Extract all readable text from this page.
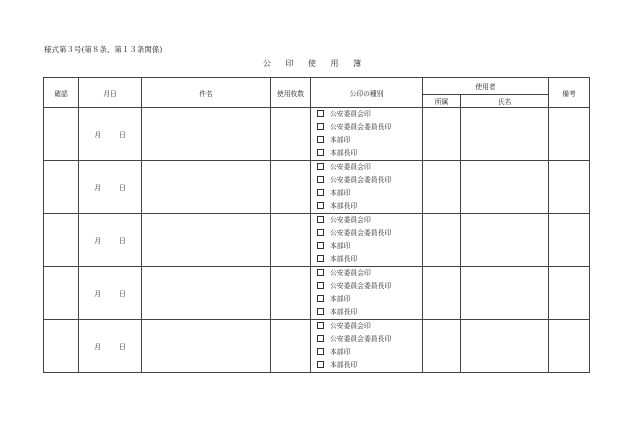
様式第３号(第８条、第１３条関係)
公 印 使 用 簿
確認	月日	件名	使用枚数	公印の種別	使用者		備考
					所属	氏名	
	月 日			公安委員会印
公安委員会委員長印
本部印
本部長印			

	月 日			公安委員会印
公安委員会委員長印
本部印
本部長印			

	月 日			公安委員会印
公安委員会委員長印
本部印
本部長印			

	月 日			公安委員会印
公安委員会委員長印
本部印
本部長印			

	月 日			公安委員会印
公安委員会委員長印
本部印
本部長印			
